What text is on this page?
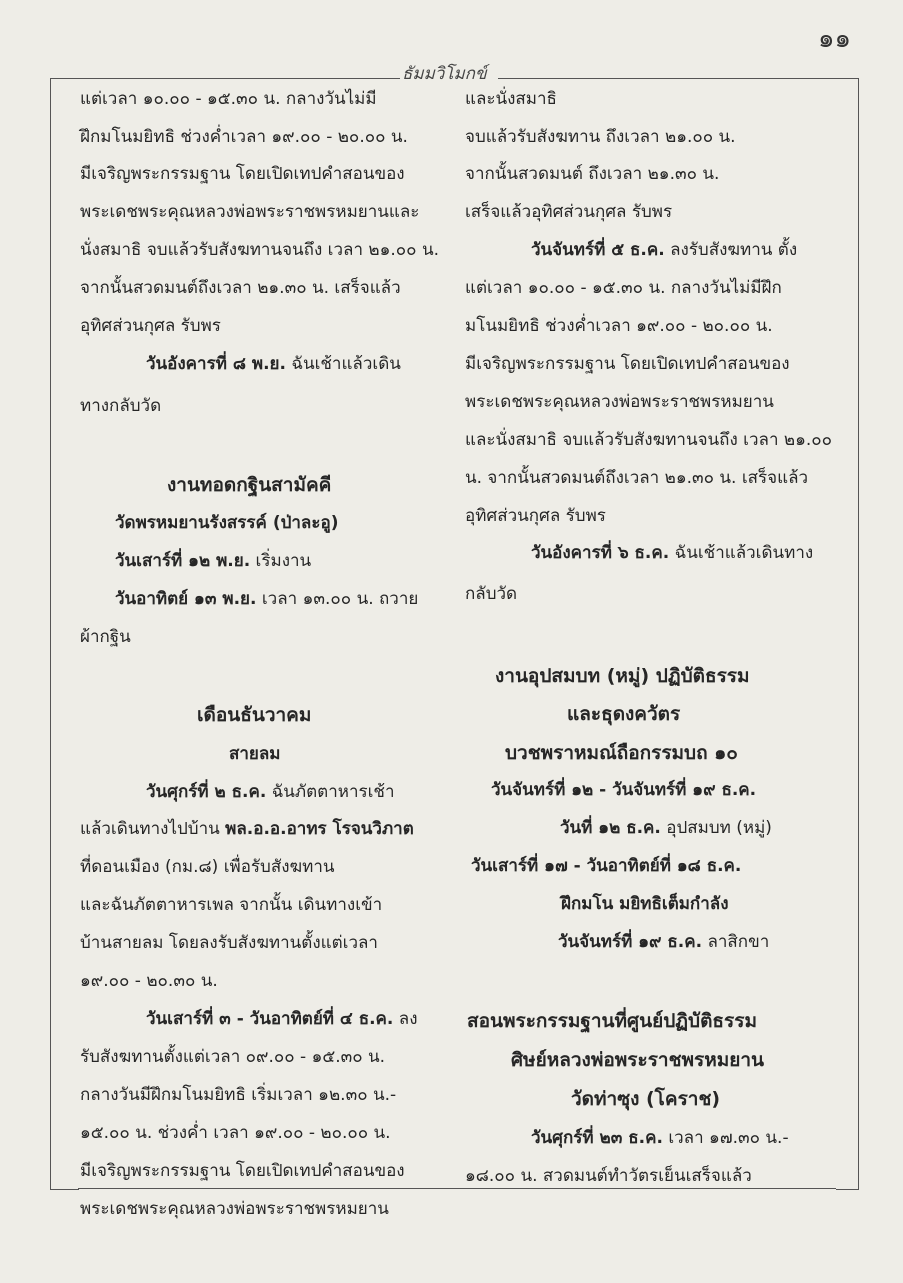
๑๑
ธัมมวิโมกข์
แต่เวลา ๑๐.๐๐ - ๑๕.๓๐ น. กลางวันไม่มี
ฝึกมโนมยิทธิ ช่วงค่ำเวลา ๑๙.๐๐ - ๒๐.๐๐ น.
มีเจริญพระกรรมฐาน โดยเปิดเทปคำสอนของ
พระเดชพระคุณหลวงพ่อพระราชพรหมยานและ
นั่งสมาธิ จบแล้วรับสังฆทานจนถึง เวลา ๒๑.๐๐ น.
จากนั้นสวดมนต์ถึงเวลา ๒๑.๓๐ น. เสร็จแล้ว
อุทิศส่วนกุศล รับพร
วันอังคารที่ ๘ พ.ย. ฉันเช้าแล้วเดิน
ทางกลับวัด
งานทอดกฐินสามัคคี
วัดพรหมยานรังสรรค์ (ป่าละอู)
วันเสาร์ที่ ๑๒ พ.ย. เริ่มงาน
วันอาทิตย์ ๑๓ พ.ย. เวลา ๑๓.๐๐ น. ถวาย
ผ้ากฐิน
เดือนธันวาคม
สายลม
วันศุกร์ที่ ๒ ธ.ค. ฉันภัตตาหารเช้า
แล้วเดินทางไปบ้าน พล.อ.อ.อาทร โรจนวิภาต
ที่ดอนเมือง (กม.๘) เพื่อรับสังฆทาน
และฉันภัตตาหารเพล จากนั้น เดินทางเข้า
บ้านสายลม โดยลงรับสังฆทานตั้งแต่เวลา
๑๙.๐๐ - ๒๐.๓๐ น.
วันเสาร์ที่ ๓ - วันอาทิตย์ที่ ๔ ธ.ค. ลง
รับสังฆทานตั้งแต่เวลา ๐๙.๐๐ - ๑๕.๓๐ น.
กลางวันมีฝึกมโนมยิทธิ เริ่มเวลา ๑๒.๓๐ น.-
๑๕.๐๐ น. ช่วงค่ำ เวลา ๑๙.๐๐ - ๒๐.๐๐ น.
มีเจริญพระกรรมฐาน โดยเปิดเทปคำสอนของ
พระเดชพระคุณหลวงพ่อพระราชพรหมยาน
และนั่งสมาธิ
จบแล้วรับสังฆทาน ถึงเวลา ๒๑.๐๐ น.
จากนั้นสวดมนต์ ถึงเวลา ๒๑.๓๐ น.
เสร็จแล้วอุทิศส่วนกุศล รับพร
วันจันทร์ที่ ๕ ธ.ค. ลงรับสังฆทาน ตั้ง
แต่เวลา ๑๐.๐๐ - ๑๕.๓๐ น. กลางวันไม่มีฝึก
มโนมยิทธิ ช่วงค่ำเวลา ๑๙.๐๐ - ๒๐.๐๐ น.
มีเจริญพระกรรมฐาน โดยเปิดเทปคำสอนของ
พระเดชพระคุณหลวงพ่อพระราชพรหมยาน
และนั่งสมาธิ จบแล้วรับสังฆทานจนถึง เวลา ๒๑.๐๐
น. จากนั้นสวดมนต์ถึงเวลา ๒๑.๓๐ น. เสร็จแล้ว
อุทิศส่วนกุศล รับพร
วันอังคารที่ ๖ ธ.ค. ฉันเช้าแล้วเดินทาง
กลับวัด
งานอุปสมบท (หมู่) ปฏิบัติธรรม
และธุดงควัตร
บวชพราหมณ์ถือกรรมบถ ๑๐
วันจันทร์ที่ ๑๒ - วันจันทร์ที่ ๑๙ ธ.ค.
วันที่ ๑๒ ธ.ค. อุปสมบท (หมู่)
วันเสาร์ที่ ๑๗ - วันอาทิตย์ที่ ๑๘ ธ.ค.
ฝึกมโน มยิทธิเต็มกำลัง
วันจันทร์ที่ ๑๙ ธ.ค. ลาสิกขา
สอนพระกรรมฐานที่ศูนย์ปฏิบัติธรรม
ศิษย์หลวงพ่อพระราชพรหมยาน
วัดท่าซุง (โคราช)
วันศุกร์ที่ ๒๓ ธ.ค. เวลา ๑๗.๓๐ น.-
๑๘.๐๐ น. สวดมนต์ทำวัตรเย็นเสร็จแล้ว
